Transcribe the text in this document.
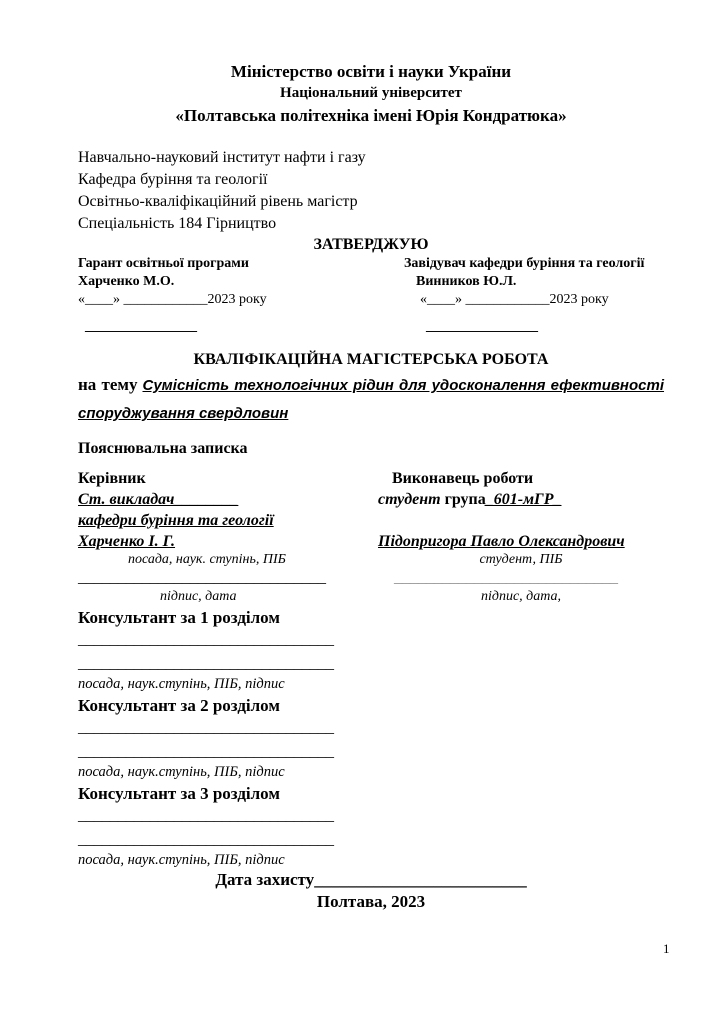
Міністерство освіти і науки України
Національний університет
«Полтавська політехніка імені Юрія Кондратюка»
Навчально-науковий інститут нафти і газу
Кафедра буріння та геології
Освітньо-кваліфікаційний рівень магістр
Спеціальність 184 Гірництво
ЗАТВЕРДЖУЮ
Гарант освітньої програми
Харченко М.О.
«____» ____________2023 року
________________
Завідувач кафедри буріння та геології
Винников Ю.Л.
«____» ____________2023 року
________________
КВАЛІФІКАЦІЙНА МАГІСТЕРСЬКА РОБОТА
на тему Сумісність технологічних рідин для удосконалення ефективності
споруджування свердловин
Пояснювальна записка
Керівник
Ст. викладач________
кафедри буріння та геології
Харченко І. Г.
посада, наук. ступінь, ПІБ
_______________________________
підпис, дата
Виконавець роботи
студент група_601-мГР_
Підопригора Павло Олександрович
студент, ПІБ
____________________________
підпис, дата,
Консультант за 1 розділом
________________________________
________________________________
посада, наук.ступінь, ПІБ, підпис
Консультант за 2 розділом
________________________________
________________________________
посада, наук.ступінь, ПІБ, підпис
Консультант за 3 розділом
________________________________
________________________________
посада, наук.ступінь, ПІБ, підпис
Дата захисту_________________________
Полтава, 2023
1
